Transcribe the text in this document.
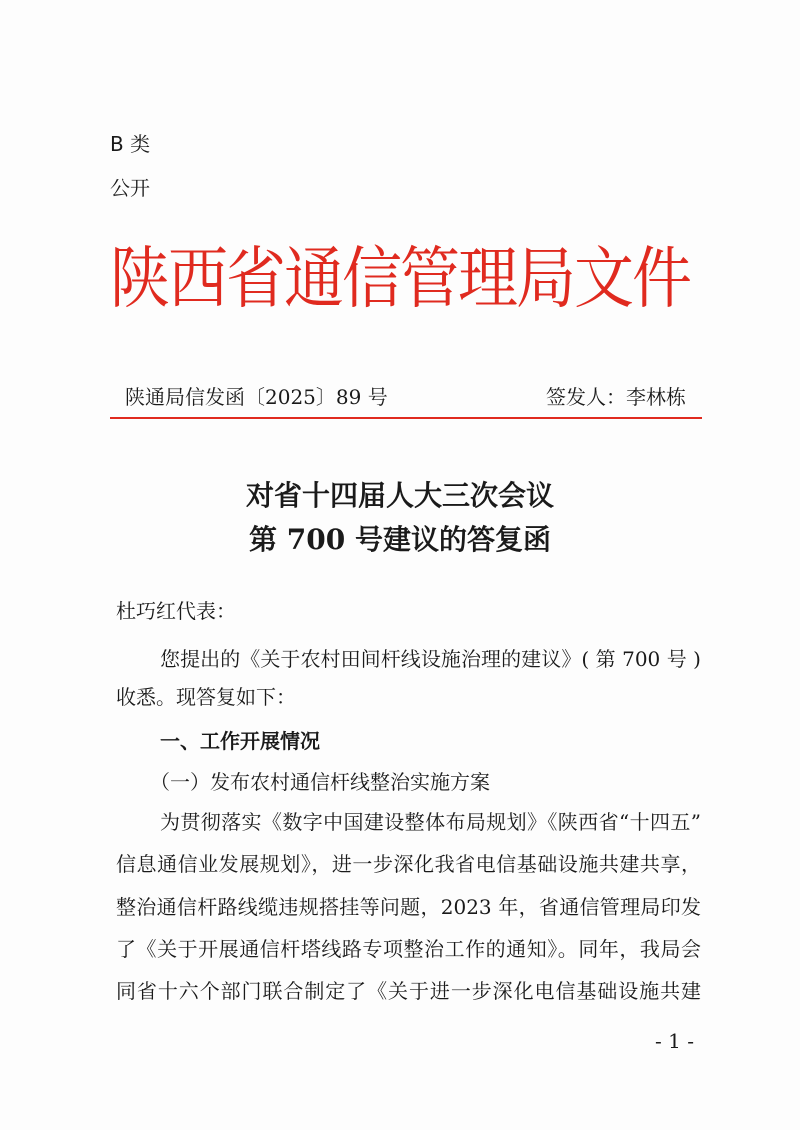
B 类
公开
陕西省通信管理局文件
陕通局信发函〔2025〕89 号	签发人：李林栋
对省十四届人大三次会议
第 700 号建议的答复函
杜巧红代表：
您提出的《关于农村田间杆线设施治理的建议》( 第 700 号 )
收悉。现答复如下：
一、工作开展情况
（一）发布农村通信杆线整治实施方案
为贯彻落实《数字中国建设整体布局规划》《陕西省“十四五”
信息通信业发展规划》，进一步深化我省电信基础设施共建共享，
整治通信杆路线缆违规搭挂等问题，2023 年，省通信管理局印发
了《关于开展通信杆塔线路专项整治工作的通知》。同年，我局会
同省十六个部门联合制定了《关于进一步深化电信基础设施共建
- 1 -
